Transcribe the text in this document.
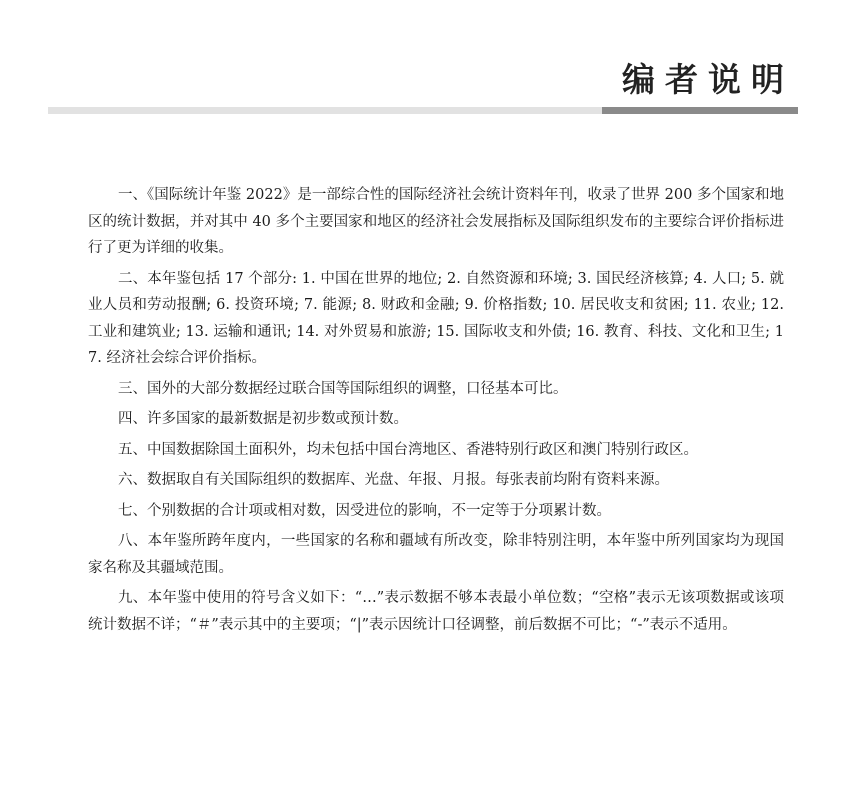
编者说明

一、《国际统计年鉴 2022》是一部综合性的国际经济社会统计资料年刊，收录了世界 200 多个国家和地区的统计数据，并对其中 40 多个主要国家和地区的经济社会发展指标及国际组织发布的主要综合评价指标进行了更为详细的收集。

二、本年鉴包括 17 个部分: 1. 中国在世界的地位; 2. 自然资源和环境; 3. 国民经济核算; 4. 人口; 5. 就业人员和劳动报酬; 6. 投资环境; 7. 能源; 8. 财政和金融; 9. 价格指数; 10. 居民收支和贫困; 11. 农业; 12. 工业和建筑业; 13. 运输和通讯; 14. 对外贸易和旅游; 15. 国际收支和外债; 16. 教育、科技、文化和卫生; 17. 经济社会综合评价指标。

三、国外的大部分数据经过联合国等国际组织的调整，口径基本可比。

四、许多国家的最新数据是初步数或预计数。

五、中国数据除国土面积外，均未包括中国台湾地区、香港特别行政区和澳门特别行政区。

六、数据取自有关国际组织的数据库、光盘、年报、月报。每张表前均附有资料来源。

七、个别数据的合计项或相对数，因受进位的影响，不一定等于分项累计数。

八、本年鉴所跨年度内，一些国家的名称和疆域有所改变，除非特别注明，本年鉴中所列国家均为现国家名称及其疆域范围。

九、本年鉴中使用的符号含义如下：“…”表示数据不够本表最小单位数；“空格”表示无该项数据或该项统计数据不详；“＃”表示其中的主要项；“|”表示因统计口径调整，前后数据不可比；“-”表示不适用。
